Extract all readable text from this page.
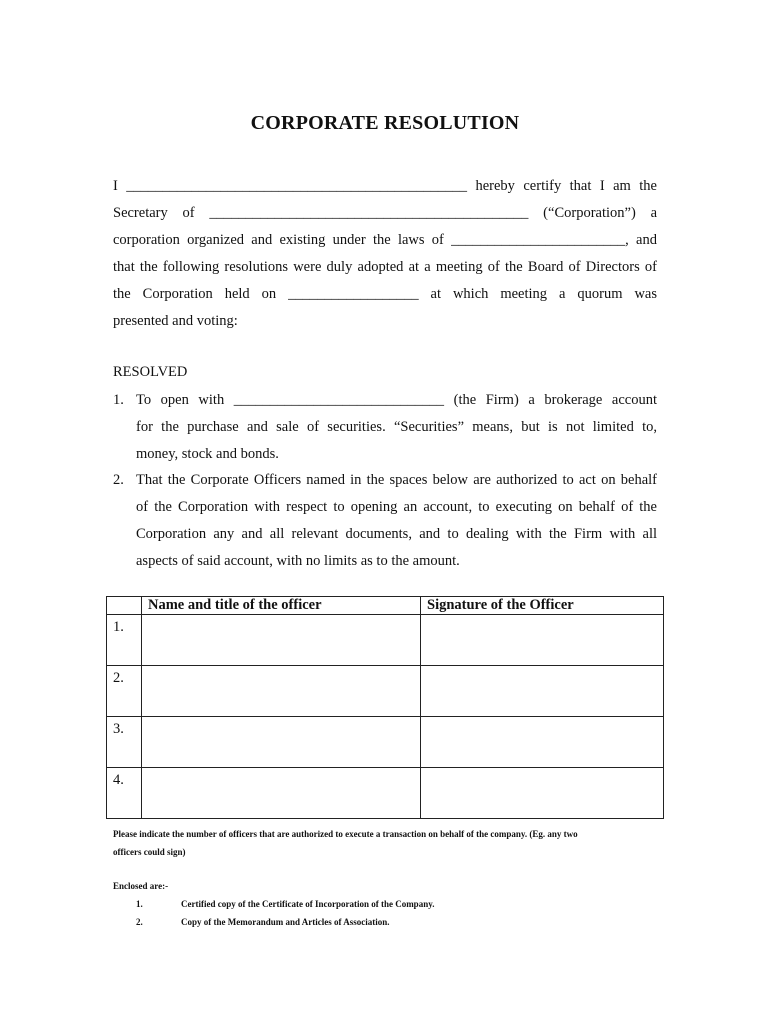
CORPORATE RESOLUTION
I _______________________________________________ hereby certify that I am the
Secretary of ____________________________________________ (“Corporation”) a
corporation organized and existing under the laws of ________________________, and
that the following resolutions were duly adopted at a meeting of the Board of Directors of
the Corporation held on __________________ at which meeting a quorum was
presented and voting:
RESOLVED
1. To open with _____________________________ (the Firm) a brokerage account
for the purchase and sale of securities. “Securities” means, but is not limited to,
money, stock and bonds.
2. That the Corporate Officers named in the spaces below are authorized to act on behalf
of the Corporation with respect to opening an account, to executing on behalf of the
Corporation any and all relevant documents, and to dealing with the Firm with all
aspects of said account, with no limits as to the amount.
	Name and title of the officer	Signature of the Officer
1.		
2.		
3.		
4.		
Please indicate the number of officers that are authorized to execute a transaction on behalf of the company. (Eg. any two
officers could sign)
Enclosed are:-
1.	Certified copy of the Certificate of Incorporation of the Company.
2.	Copy of the Memorandum and Articles of Association.
